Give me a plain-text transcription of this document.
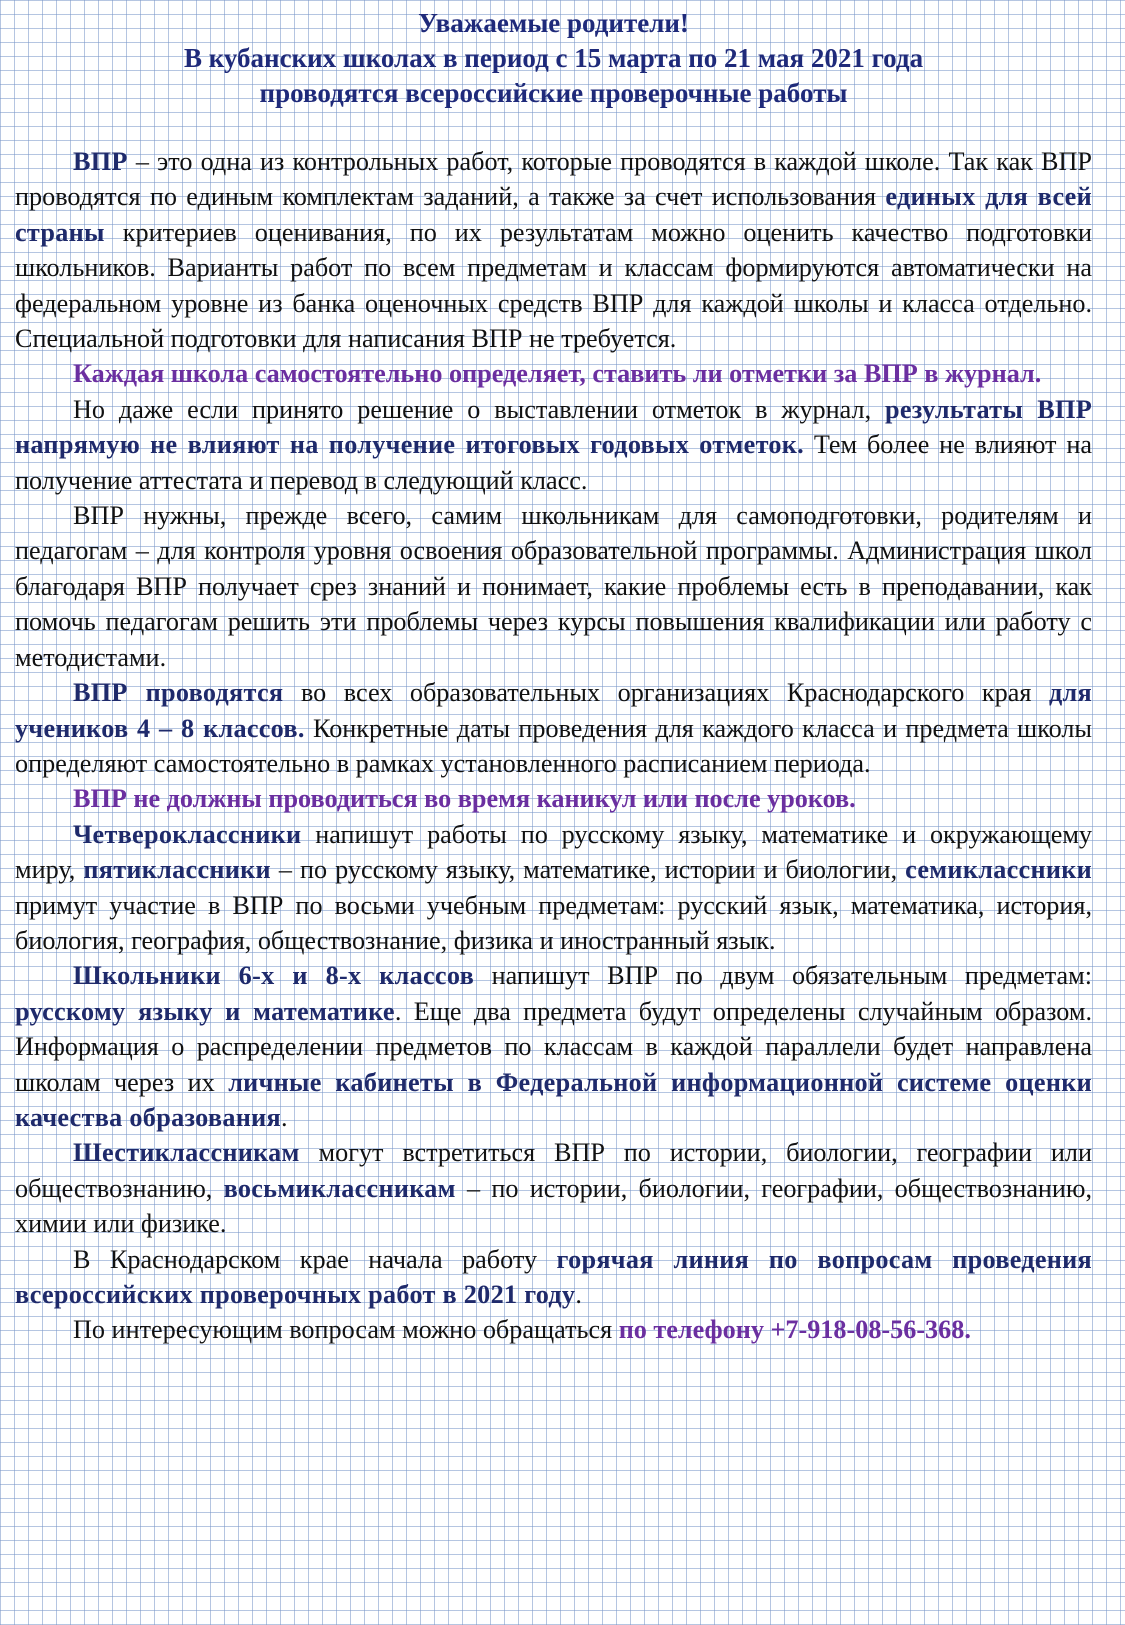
Уважаемые родители!
В кубанских школах в период с 15 марта по 21 мая 2021 года
проводятся всероссийские проверочные работы

ВПР – это одна из контрольных работ, которые проводятся в каждой школе. Так как ВПР проводятся по единым комплектам заданий, а также за счет использования единых для всей страны критериев оценивания, по их результатам можно оценить качество подготовки школьников. Варианты работ по всем предметам и классам формируются автоматически на федеральном уровне из банка оценочных средств ВПР для каждой школы и класса отдельно. Специальной подготовки для написания ВПР не требуется.

Каждая школа самостоятельно определяет, ставить ли отметки за ВПР в журнал.

Но даже если принято решение о выставлении отметок в журнал, результаты ВПР напрямую не влияют на получение итоговых годовых отметок. Тем более не влияют на получение аттестата и перевод в следующий класс.

ВПР нужны, прежде всего, самим школьникам для самоподготовки, родителям и педагогам – для контроля уровня освоения образовательной программы. Администрация школ благодаря ВПР получает срез знаний и понимает, какие проблемы есть в преподавании, как помочь педагогам решить эти проблемы через курсы повышения квалификации или работу с методистами.

ВПР проводятся во всех образовательных организациях Краснодарского края для учеников 4 – 8 классов. Конкретные даты проведения для каждого класса и предмета школы определяют самостоятельно в рамках установленного расписанием периода.

ВПР не должны проводиться во время каникул или после уроков.

Четвероклассники напишут работы по русскому языку, математике и окружающему миру, пятиклассники – по русскому языку, математике, истории и биологии, семиклассники примут участие в ВПР по восьми учебным предметам: русский язык, математика, история, биология, география, обществознание, физика и иностранный язык.

Школьники 6-х и 8-х классов напишут ВПР по двум обязательным предметам: русскому языку и математике. Еще два предмета будут определены случайным образом. Информация о распределении предметов по классам в каждой параллели будет направлена школам через их личные кабинеты в Федеральной информационной системе оценки качества образования.

Шестиклассникам могут встретиться ВПР по истории, биологии, географии или обществознанию, восьмиклассникам – по истории, биологии, географии, обществознанию, химии или физике.

В Краснодарском крае начала работу горячая линия по вопросам проведения всероссийских проверочных работ в 2021 году.

По интересующим вопросам можно обращаться по телефону +7-918-08-56-368.
